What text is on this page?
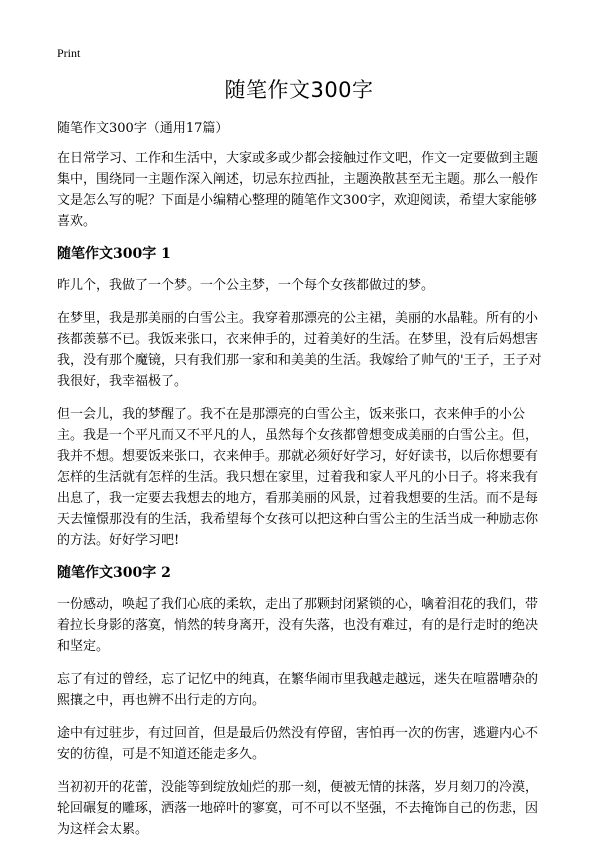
Print
随笔作文300字

随笔作文300字（通用17篇）

在日常学习、工作和生活中，大家或多或少都会接触过作文吧，作文一定要做到主题集中，围绕同一主题作深入阐述，切忌东拉西扯，主题涣散甚至无主题。那么一般作文是怎么写的呢？下面是小编精心整理的随笔作文300字，欢迎阅读，希望大家能够喜欢。

随笔作文300字 1

昨儿个，我做了一个梦。一个公主梦，一个每个女孩都做过的梦。

在梦里，我是那美丽的白雪公主。我穿着那漂亮的公主裙，美丽的水晶鞋。所有的小孩都羡慕不已。我饭来张口，衣来伸手的，过着美好的生活。在梦里，没有后妈想害我，没有那个魔镜，只有我们那一家和和美美的生活。我嫁给了帅气的'王子，王子对我很好，我幸福极了。

但一会儿，我的梦醒了。我不在是那漂亮的白雪公主，饭来张口，衣来伸手的小公主。我是一个平凡而又不平凡的人，虽然每个女孩都曾想变成美丽的白雪公主。但，我并不想。想要饭来张口，衣来伸手。那就必须好好学习，好好读书，以后你想要有怎样的生活就有怎样的生活。我只想在家里，过着我和家人平凡的小日子。将来我有出息了，我一定要去我想去的地方，看那美丽的风景，过着我想要的生活。而不是每天去憧憬那没有的生活，我希望每个女孩可以把这种白雪公主的生活当成一种励志你的方法。好好学习吧!

随笔作文300字 2

一份感动，唤起了我们心底的柔软，走出了那颗封闭紧锁的心，噙着泪花的我们，带着拉长身影的落寞，悄然的转身离开，没有失落，也没有难过，有的是行走时的绝决和坚定。

忘了有过的曾经，忘了记忆中的纯真，在繁华闹市里我越走越远，迷失在喧嚣嘈杂的熙攘之中，再也辨不出行走的方向。

途中有过驻步，有过回首，但是最后仍然没有停留，害怕再一次的伤害，逃避内心不安的彷徨，可是不知道还能走多久。

当初初开的花蕾，没能等到绽放灿烂的那一刻，便被无情的抹落，岁月刻刀的冷漠，轮回碾复的雕琢，洒落一地碎叶的寥寞，可不可以不坚强，不去掩饰自己的伤悲，因为这样会太累。
